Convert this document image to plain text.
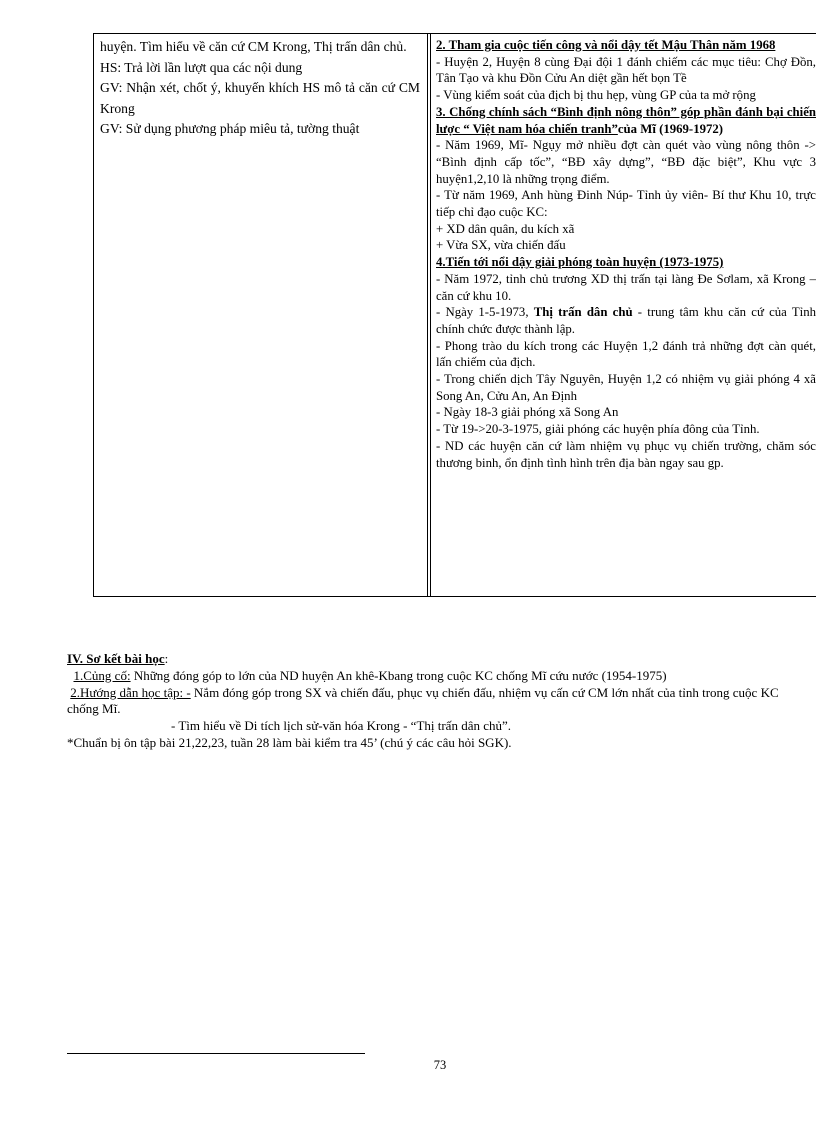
huyện. Tìm hiểu về căn cứ CM Krong, Thị trấn dân chủ.

HS: Trả lời lần lượt qua các nội dung

GV: Nhận xét, chốt ý, khuyến khích HS mô tả căn cứ CM Krong

GV: Sử dụng phương pháp miêu tả, tường thuật

2. Tham gia cuộc tiến công và nổi dậy tết Mậu Thân năm 1968

- Huyện 2, Huyện 8 cùng Đại đội 1 đánh chiếm các mục tiêu: Chợ Đồn, Tân Tạo và khu Đồn Cửu An diệt gần hết bọn Tề

- Vùng kiểm soát của địch bị thu hẹp, vùng GP của ta mở rộng

3. Chống chính sách “Bình định nông thôn” góp phần đánh bại chiến lược “ Việt nam hóa chiến tranh”của Mĩ (1969-1972)

- Năm 1969, Mĩ- Ngụy mở nhiều đợt càn quét vào vùng nông thôn -> “Bình định cấp tốc”, “BĐ xây dựng”, “BĐ đặc biệt”, Khu vực 3 huyện1,2,10 là những trọng điểm.

- Từ năm 1969, Anh hùng Đinh Núp- Tỉnh ủy viên- Bí thư Khu 10, trực tiếp chỉ đạo cuộc KC:

+ XD dân quân, du kích xã

+ Vừa SX, vừa chiến đấu

4.Tiến tới nổi dậy giải phóng toàn huyện (1973-1975)

- Năm 1972, tỉnh chủ trương XD thị trấn tại làng Đe Sơlam, xã Krong – căn cứ khu 10.

- Ngày 1-5-1973, Thị trấn dân chủ - trung tâm khu căn cứ của Tỉnh chính chức được thành lập.

- Phong trào du kích trong các Huyện 1,2 đánh trả những đợt càn quét, lấn chiếm của địch.

- Trong chiến dịch Tây Nguyên, Huyện 1,2 có nhiệm vụ giải phóng 4 xã Song An, Cửu An, An Định

- Ngày 18-3 giải phóng xã Song An

- Từ 19->20-3-1975, giải phóng các huyện phía đông của Tỉnh.

- ND các huyện căn cứ làm nhiệm vụ phục vụ chiến trường, chăm sóc thương binh, ổn định tình hình trên địa bàn ngay sau gp.

IV. Sơ kết bài học:

1.Củng cố: Những đóng góp to lớn của ND huyện An khê-Kbang trong cuộc KC chống Mĩ cứu nước (1954-1975)

2.Hướng dẫn học tập: - Nắm đóng góp trong SX và chiến đấu, phục vụ chiến đấu, nhiệm vụ cấn cứ CM lớn nhất của tỉnh trong cuộc KC chống Mĩ.

- Tìm hiểu về Di tích lịch sử-văn hóa Krong - “Thị trấn dân chủ”.

*Chuẩn bị ôn tập bài 21,22,23, tuần 28 làm bài kiểm tra 45’ (chú ý các câu hỏi SGK).

73
